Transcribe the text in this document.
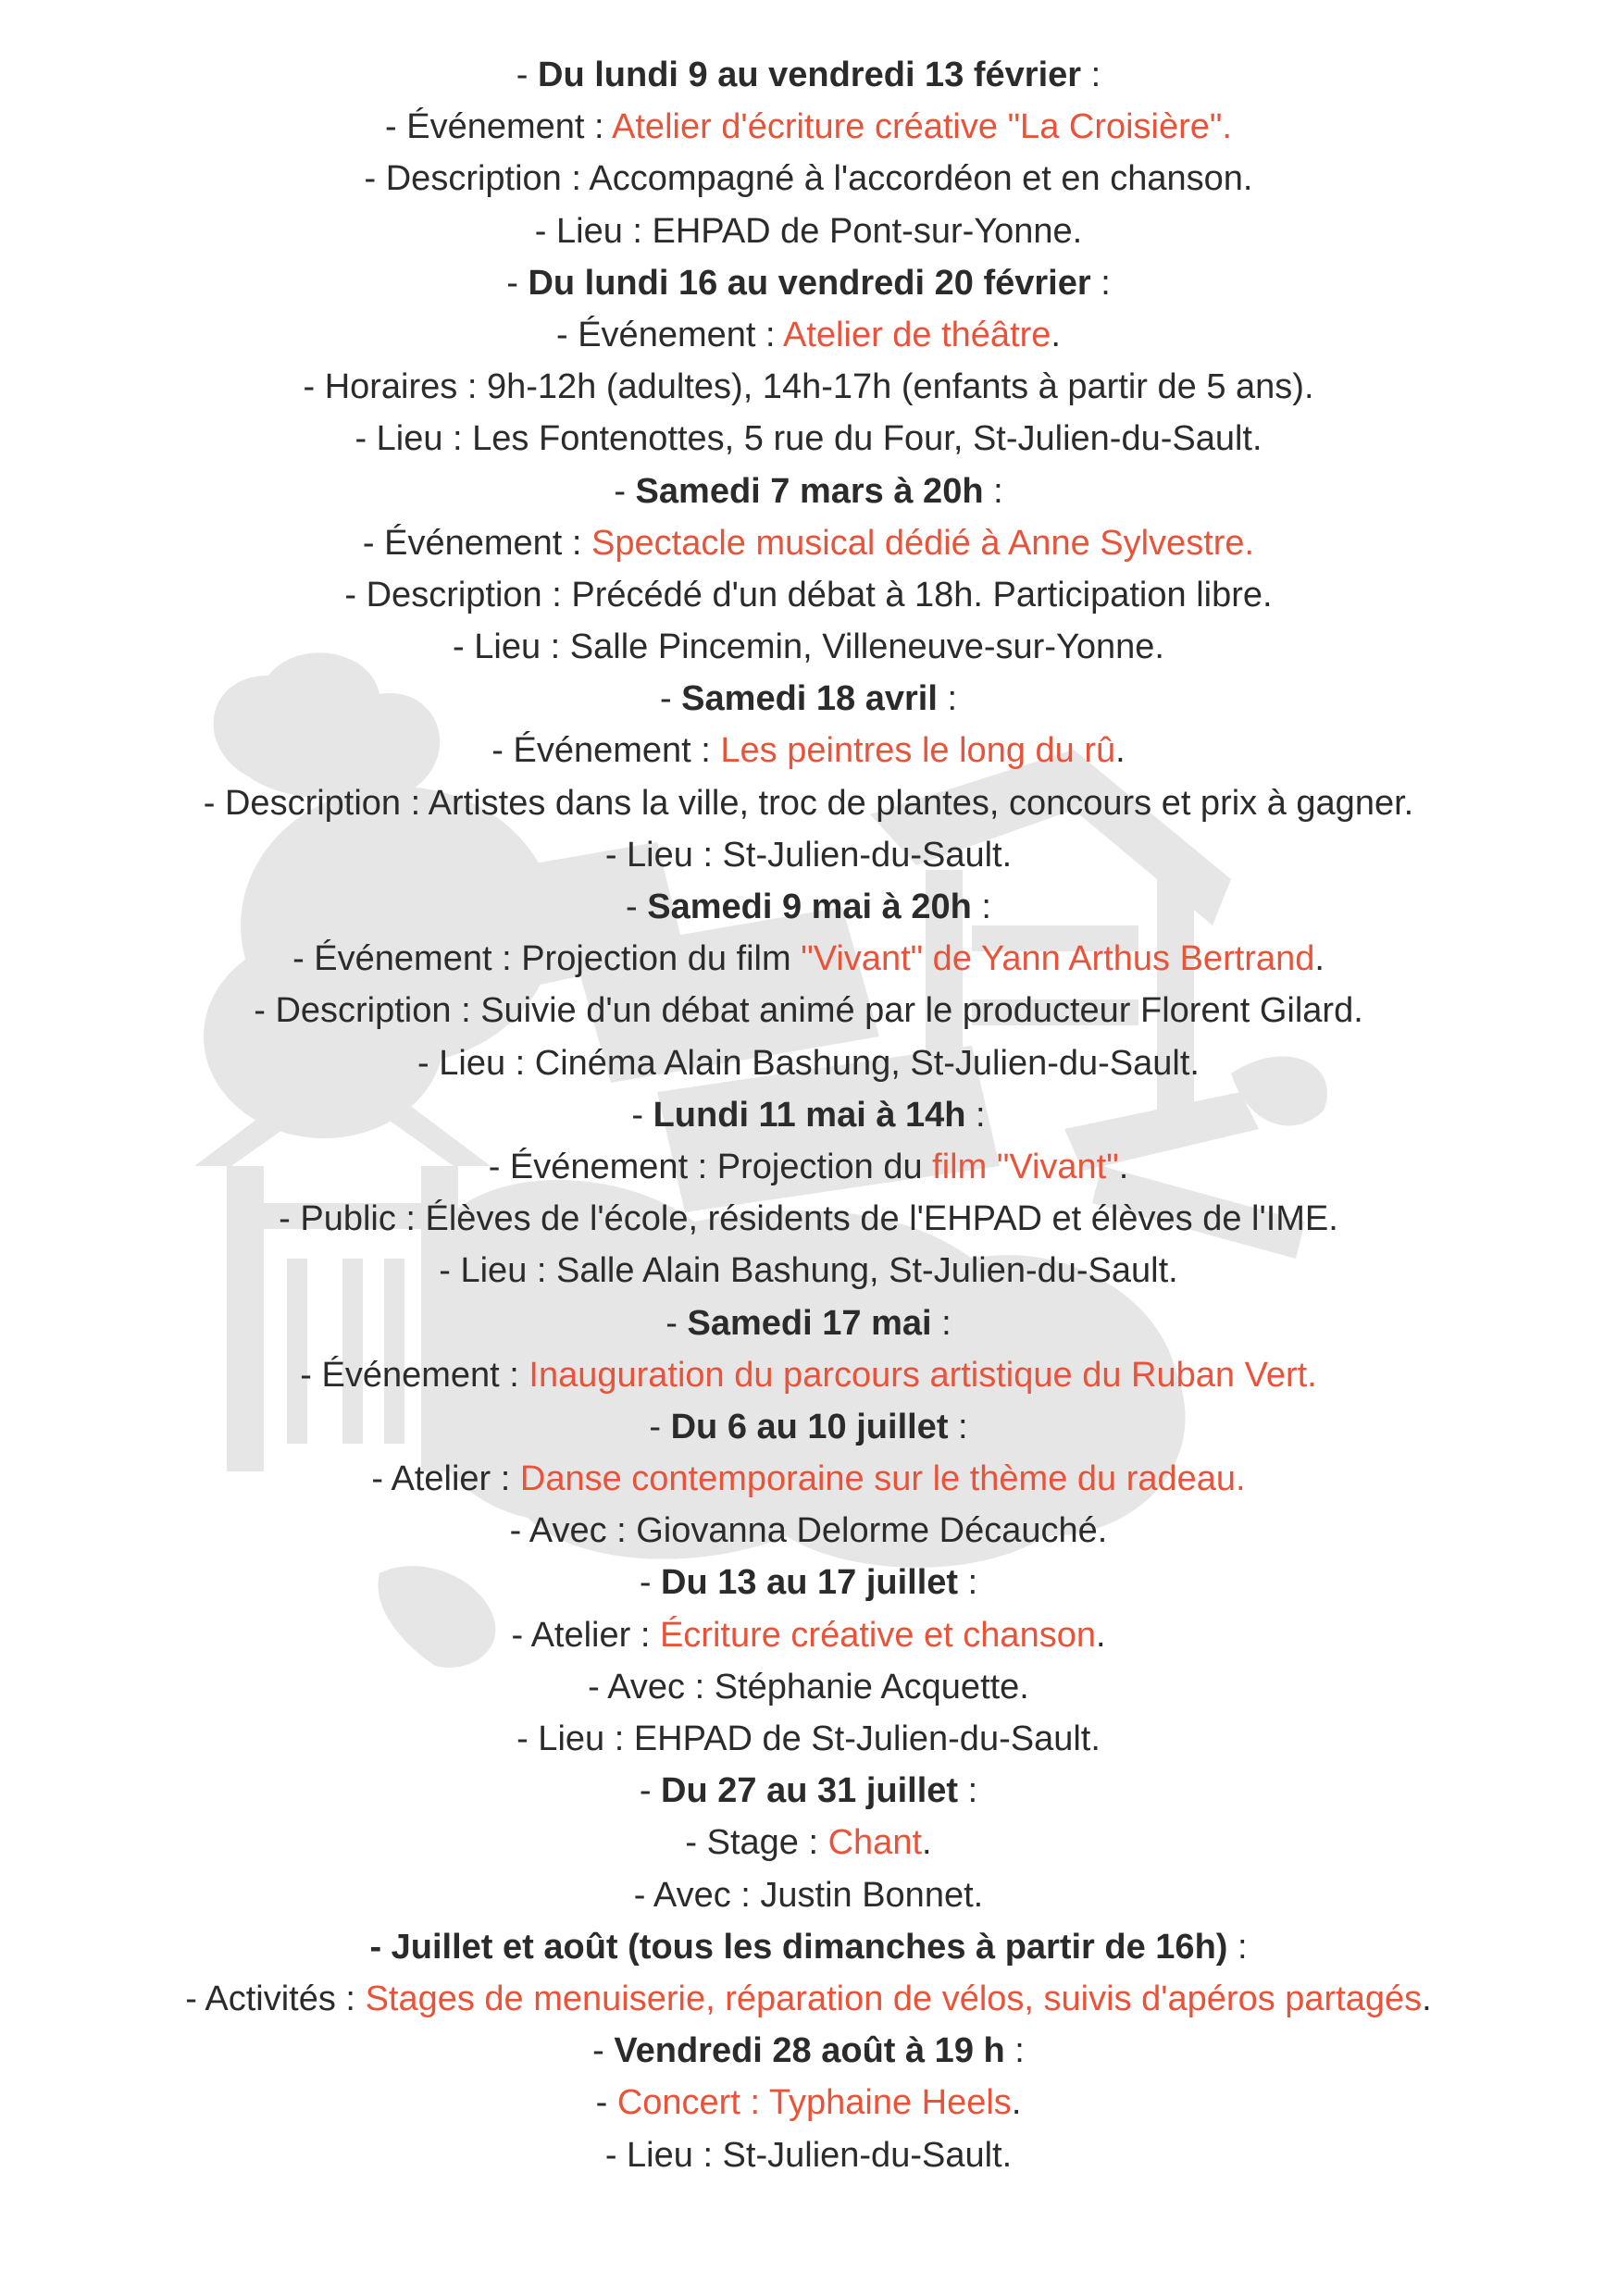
- Du lundi 9 au vendredi 13 février :
- Événement : Atelier d'écriture créative "La Croisière".
- Description : Accompagné à l'accordéon et en chanson.
- Lieu : EHPAD de Pont-sur-Yonne.
- Du lundi 16 au vendredi 20 février :
- Événement : Atelier de théâtre.
- Horaires : 9h-12h (adultes), 14h-17h (enfants à partir de 5 ans).
- Lieu : Les Fontenottes, 5 rue du Four, St-Julien-du-Sault.
- Samedi 7 mars à 20h :
- Événement : Spectacle musical dédié à Anne Sylvestre.
- Description : Précédé d'un débat à 18h. Participation libre.
- Lieu : Salle Pincemin, Villeneuve-sur-Yonne.
- Samedi 18 avril :
- Événement : Les peintres le long du rû.
- Description : Artistes dans la ville, troc de plantes, concours et prix à gagner.
- Lieu : St-Julien-du-Sault.
- Samedi 9 mai à 20h :
- Événement : Projection du film "Vivant" de Yann Arthus Bertrand.
- Description : Suivie d'un débat animé par le producteur Florent Gilard.
- Lieu : Cinéma Alain Bashung, St-Julien-du-Sault.
- Lundi 11 mai à 14h :
- Événement : Projection du film "Vivant".
- Public : Élèves de l'école, résidents de l'EHPAD et élèves de l'IME.
- Lieu : Salle Alain Bashung, St-Julien-du-Sault.
- Samedi 17 mai :
- Événement : Inauguration du parcours artistique du Ruban Vert.
- Du 6 au 10 juillet :
- Atelier : Danse contemporaine sur le thème du radeau.
- Avec : Giovanna Delorme Décauché.
- Du 13 au 17 juillet :
- Atelier : Écriture créative et chanson.
- Avec : Stéphanie Acquette.
- Lieu : EHPAD de St-Julien-du-Sault.
- Du 27 au 31 juillet :
- Stage : Chant.
- Avec : Justin Bonnet.
- Juillet et août (tous les dimanches à partir de 16h) :
- Activités : Stages de menuiserie, réparation de vélos, suivis d'apéros partagés.
- Vendredi 28 août à 19 h :
- Concert : Typhaine Heels.
- Lieu : St-Julien-du-Sault.
